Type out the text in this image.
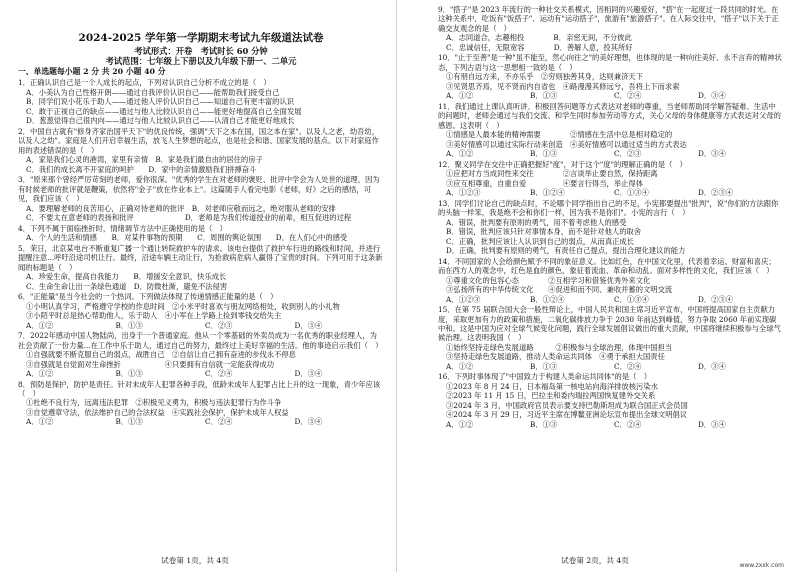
2024-2025 学年第一学期期末考试九年级道法试卷
考试形式：开卷　考试时长 60 分钟
考试范围：七年级上下册以及九年级下册一、二单元
一、单选题每小题 2 分 共 20 小题 40 分
1．正确认识自己是一个人成长的起点，下列对认识自己分析不成立的是（　）
A．小美认为自己性格开朗——通过自我评价认识自己——能帮助我们接受自己
B．同学们说小花乐于助人——通过他人评价认识自己——知道自己有更丰富的认识
C．敢于正视自己的缺点——通过与他人比较认识自己——能更好地提高自己全面发展
D．葱葱觉得自己很内向——通过与他人比较认识自己——认清自己才能更好地成长
2．中国自古就有"修身齐家治国平天下"的优良传统，强调"天下之本在国，国之本在家"。以及人之老，幼吾幼，以及人之幼"。家庭是人们开启幸福生活，放飞人生梦想的起点，也是社会和谐、国家发展的基点。以下对家庭作用的表述错误的是（　）
A．家是我们心灵的港湾，家里有亲情　B．家是我们最自由的居住的房子
C．我们的成长离不开家庭的呵护　　D．家中的亲情激励我们拼搏奋斗
3．"原来那个曾经严厉苛刻的老师，爱你很深。"优秀的学生在对老师的褒贬、批评中学会为人处世的道理，因为有时候老师的批评就是鞭策，依然将"金子"放在作业本上"。这篇随手人看完电影《老师，好》之后的感悟，可见，我们应该（　）
A．要理解老师的良苦用心，正确对待老师的批评　B．对老师应敬而远之，绝对服从老师的安排
C．不要太在意老师的表扬和批评　　　　　　　D．老师是为我们传道授业的前辈，相互促进的过程
4．下列不属于面临挫折时，情绪调节方法中正确使用的是（　）
A．个人的生活和情感　　B．对某件事物的预期　　C．周围的舆论氛围　　D．在人们心中的感受
5．茉日，北京某电台不断重复广播一个通让转院救护车的请求。该电台提供了救护车行进的路线和时间，并进行提醒注意...呼吁沿途司机让行。最终，沿途车辆主动让行，为抢救病危病人赢得了宝贵的时间。下列可用于这条新闻的标题是（　）
A．珍爱生命，提高自我能力　　B．增援安全意识，快乐成长
C．生命生命让出一条绿色通道　D．防微杜渐，避免不法侵害
6．"正能量"是当今社会的一个热词。下列做法体现了传递情感正能量的是（　）
①小明认真学习，严格遵守学校的作息时间　②小米平时喜欢与朋友网络相处，收到别人的小礼物
③小陌平时总是热心帮助他人，乐于助人　④小军在上学路上捡到零钱交给失主
A．①②	B．①③	C．②③	D．③④
7．2022年感动中国人物陆尚，出身于一个普通家庭。他从一个零基础的外卖员成为一名优秀的职业经理人，为社会贡献了一份力量...在工作中乐于助人，通过自己的努力，最终过上美好幸福的生活。他的事迹启示我们（　）
①自强就要不断克服自己的弱点，战胜自己　②自信让自己拥有奋进的步伐永不停息
③自强就是自觉面对生命挫折　　　　　　④只要拥有自信就一定能获得成功
A．①②	B．①③	C．②④	D．③④
8．预防是保护，防护是责任。针对未成年人犯罪各种手段，低龄未成年人犯罪占比上升的这一现象，青少年应该（　）
①杜绝不良行为，远离违法犯罪　②积极见义勇为，积极与违法犯罪行为作斗争
③自觉遵章守法，依法维护自己的合法权益　④实践社会保护，保护未成年人权益
A．①②	B．①③	C．②④	D．③④
试卷第 1页，共 4页
9．"搭子"是 2023 年流行的一种社交关系模式，因相同的兴趣爱好，"搭"在一起度过一段共同的时光。在这种关系中，吃饭有"饭搭子"、运动有"运动搭子"，旅游有"旅游搭子"。在人际交往中，"搭子"以下关于正确交友观念的是（　）
A．志同道合，志趣相投　　　　B．亲密无间，不分彼此
C．忠诚信任，无限宽容　　　　D．善解人意，投其所好
10．"止于至善"是一种"虽不能至，然心向往之"的美好理想，也体现的是一种向往美好、永不言弃的精神状态，下列古语与这一思想相一致的是（　）
①有朋自远方来，不亦乐乎　②穷则独善其身，达则兼济天下
③见贤思齐焉，见不贤而内自省也　④路漫漫其修远兮，吾将上下而求索
A．①②	B．①③	C．②④	D．③④
11．我们通过上课认真听讲、积极回答问题等方式表达对老师的尊重，当老师帮助同学解答疑难、生活中的问题时，老师会通过与我们交流、和学生同时参加劳动等方式，关心父母的身体健康等方式表达对父母的感恩。这表明（　）
①情感是人最本能的精神需要　　　　②情感在生活中总是相对稳定的
③美好情感可以通过实际行动来创造　④美好情感可以通过适当的方式表达
A．①②	B．①③	C．②③	D．③④
12．聚义同学在交往中正确把握好"度"，对于这个"度"的理解正确的是（　）
①应把对方当成同性来交往　　　　②言谈举止要自然，保持距离
③应互相尊重，自重自爱　　　　　④要言行得当，举止得体
A．①②③	B．①②④	C．①③④	D．②③④
13．同学们讨论自己的缺点时，不论哪个同学指出自己的不足，小宪都要提出"批判"，说"你们的方法跟你的头脑一样笨，我是绝不会和你们一样，因为我不是你们"。小宪的言行（　）
A．错误，批判要有原则的勇气，用不着考虑他人的感受
B．错误，批判应该只针对事情本身，而不是针对他人的取舍
C．正确，批判应该让人认识到自己的弱点，从而真正成长
D．正确，批判要有原则的勇气，有责任自己提点，提出合理化建议的能力
14．不同国家的人会给颜色赋予不同的象征意义。比如红色，在中国文化里，代表着幸运、财富和喜庆；而在西方人的观念中，红色是血的颜色，象征着流血、革命和动乱。面对多样性的文化，我们应该（　）
①尊重文化的包容心态　　　　②互相学习和借鉴优秀外来文化
③弘扬所有的中华传统文化　　④促进和而不同、兼收并蓄的文明交流
A．①②③	B．①②④	C．①③④	D．②③④
15．在第 75 届联合国大会一般性辩论上，中国人民共和国主席习近平宣布，中国将提高国家自主贡献力度，采取更加有力的政策和措施，二氧化碳排放力争于 2030 年前达到峰值，努力争取 2060 年前实现碳中和。这是中国为应对全球气候变化问题，践行全球发展倡议做出的重大贡献，中国将继续积极参与全球气候治理。这表明我国（　）
①始终坚持走绿色发展道路　　　②积极参与全球治理，体现中国担当
③坚持走绿色发展道路，推动人类命运共同体　④勇于承担大国责任
A．①②	B．①③	C．②④	D．③④
16．下列时事体现了"中国致力于构建人类命运共同体"的是（　）
①2023 年 8 月 24 日，日本福岛第一核电站向海洋排放核污染水
②2023 年 11 月 15 日，巴拉圭和委内瑞拉两国恢复建外交关系
③2024 年 3 月，中国政府官员表示要支持巴勒斯坦成为联合国正式会员国
④2024 年 3 月 29 日，习近平主席在博鳌亚洲论坛宣布提出全球文明倡议
A．①②	B．①③	C．②④	D．③④
试卷第 2页，共 4页
www.zxxk.com
